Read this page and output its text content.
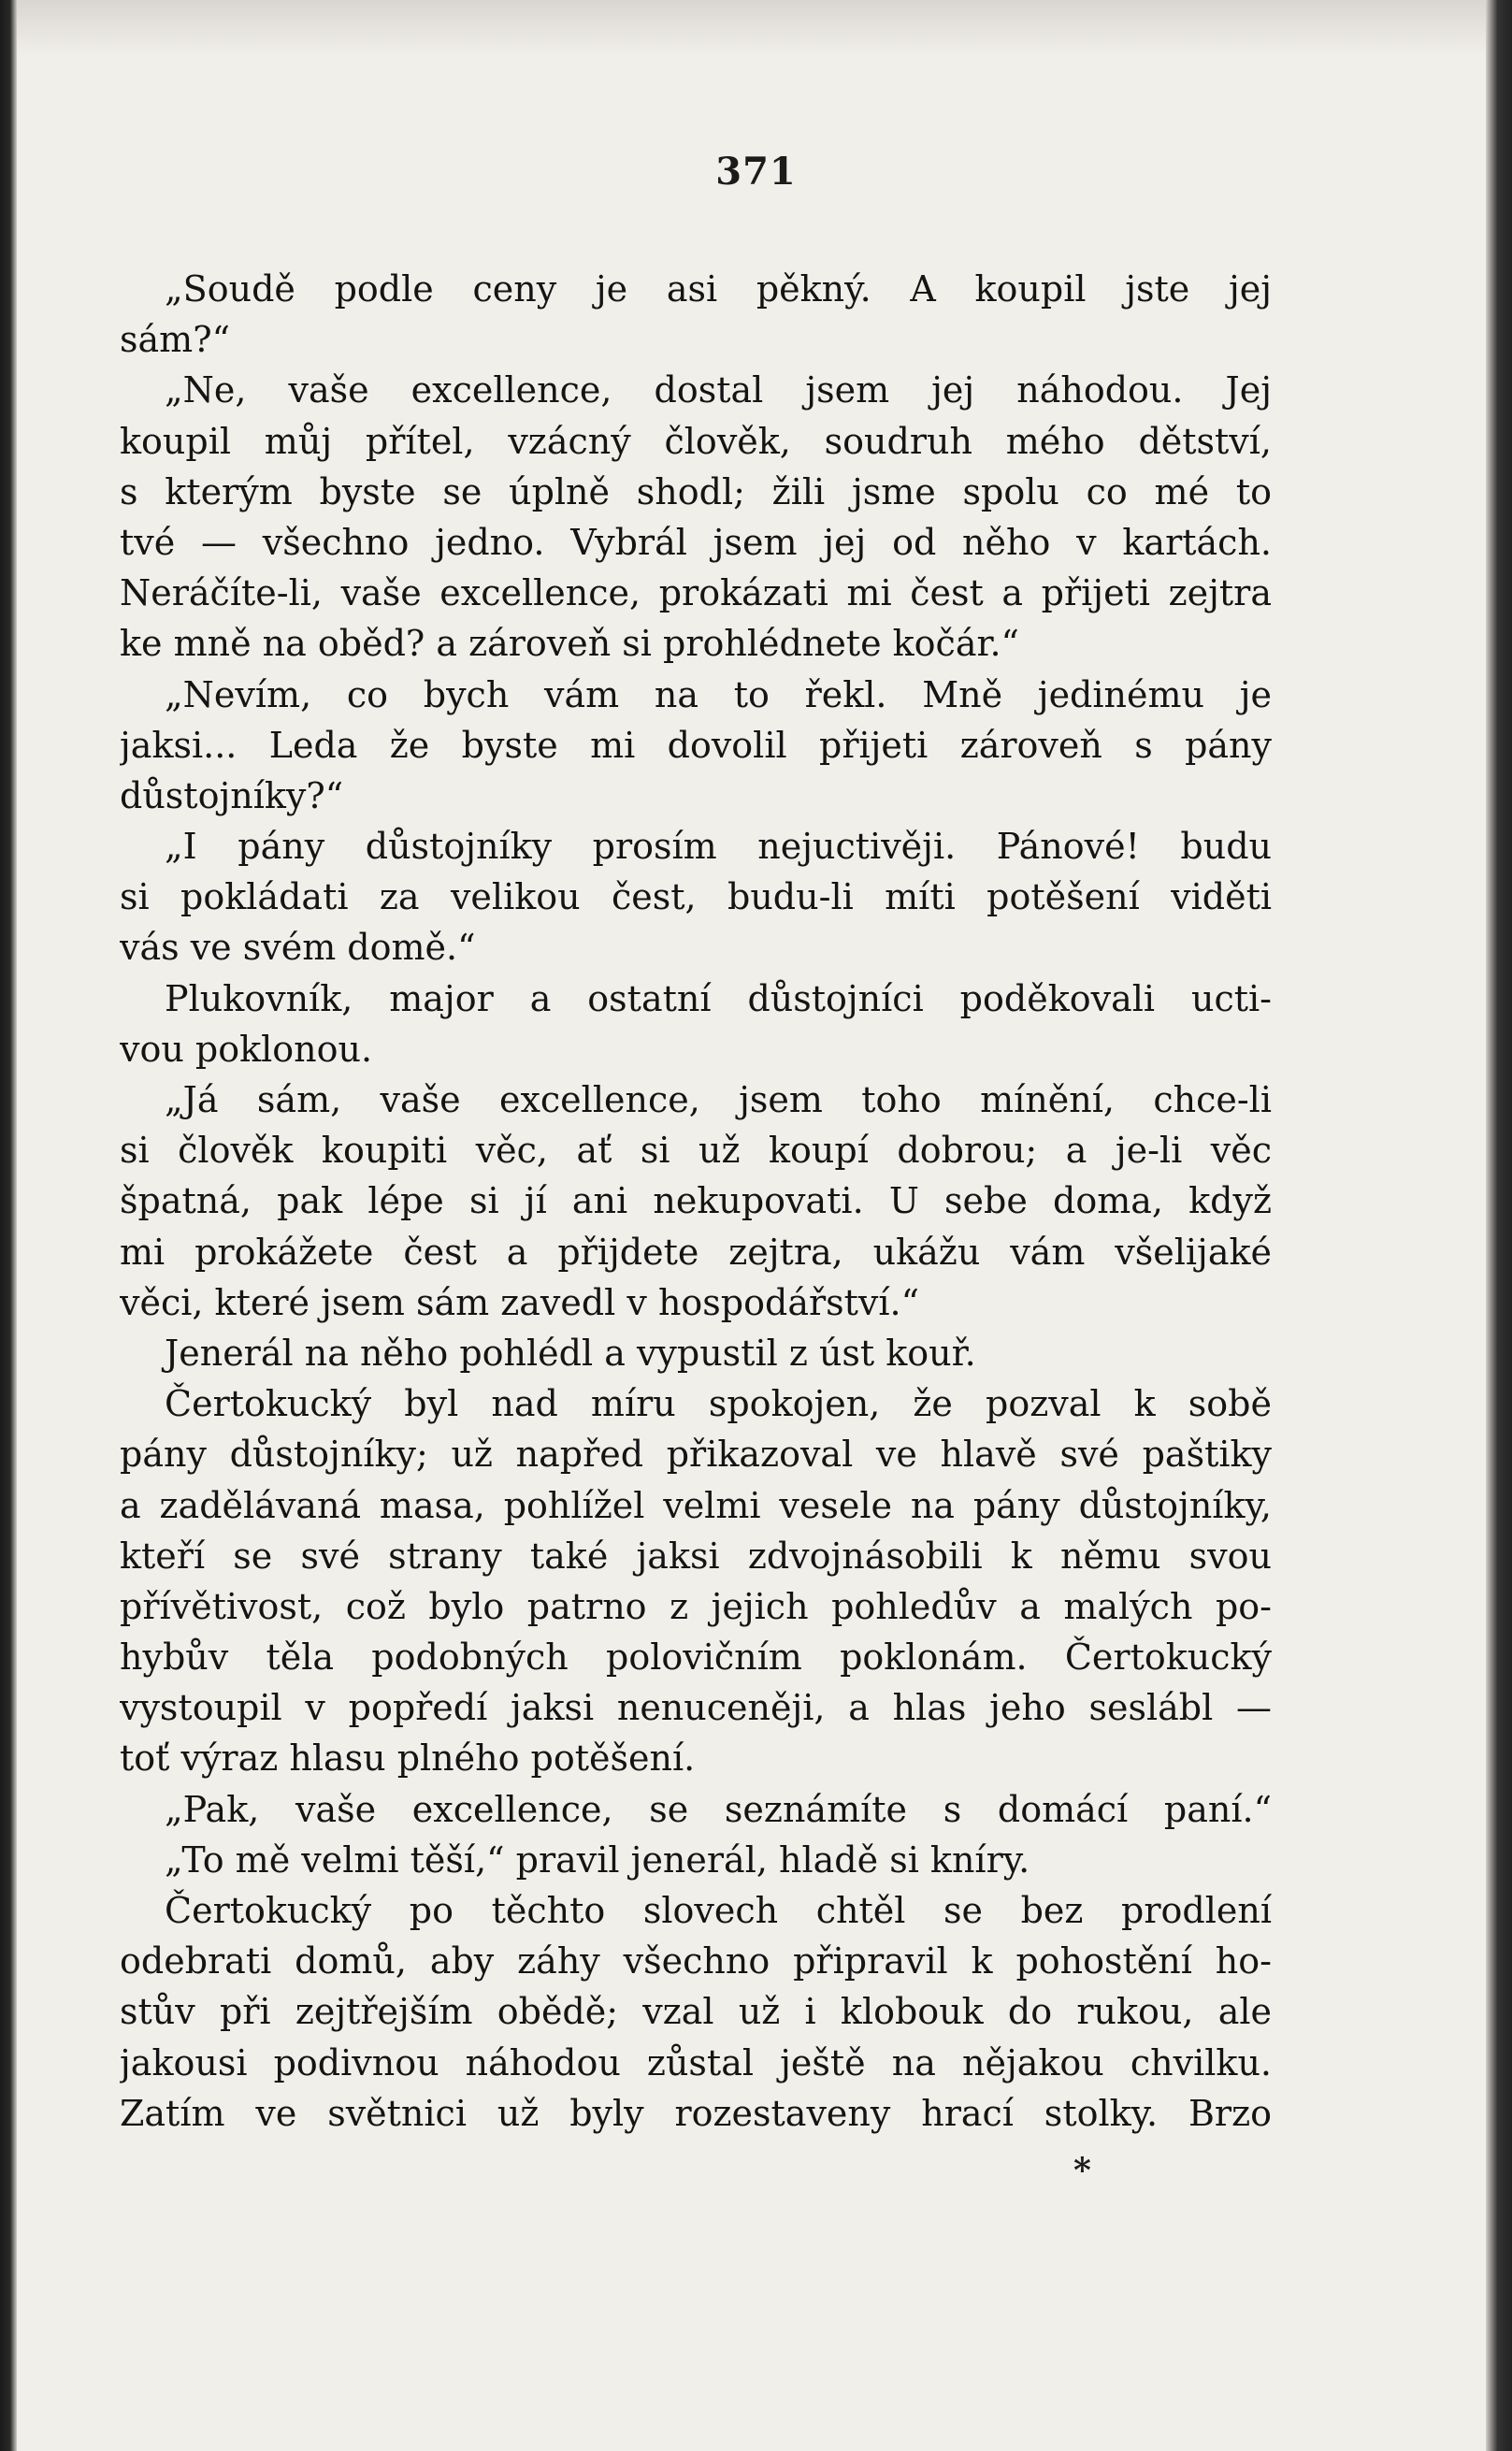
371
„Soudě podle ceny je asi pěkný. A koupil jste jej
sám?“
„Ne, vaše excellence, dostal jsem jej náhodou. Jej
koupil můj přítel, vzácný člověk, soudruh mého dětství,
s kterým byste se úplně shodl; žili jsme spolu co mé to
tvé — všechno jedno. Vybrál jsem jej od něho v kartách.
Neráčíte-li, vaše excellence, prokázati mi čest a přijeti zejtra
ke mně na oběd? a zároveň si prohlédnete kočár.“
„Nevím, co bych vám na to řekl. Mně jedinému je
jaksi... Leda že byste mi dovolil přijeti zároveň s pány
důstojníky?“
„I pány důstojníky prosím nejuctivěji. Pánové! budu
si pokládati za velikou čest, budu-li míti potěšení viděti
vás ve svém domě.“
Plukovník, major a ostatní důstojníci poděkovali ucti-
vou poklonou.
„Já sám, vaše excellence, jsem toho mínění, chce-li
si člověk koupiti věc, ať si už koupí dobrou; a je-li věc
špatná, pak lépe si jí ani nekupovati. U sebe doma, když
mi prokážete čest a přijdete zejtra, ukážu vám všelijaké
věci, které jsem sám zavedl v hospodářství.“
Jenerál na něho pohlédl a vypustil z úst kouř.
Čertokucký byl nad míru spokojen, že pozval k sobě
pány důstojníky; už napřed přikazoval ve hlavě své paštiky
a zadělávaná masa, pohlížel velmi vesele na pány důstojníky,
kteří se své strany také jaksi zdvojnásobili k němu svou
přívětivost, což bylo patrno z jejich pohledův a malých po-
hybův těla podobných polovičním poklonám. Čertokucký
vystoupil v popředí jaksi nenuceněji, a hlas jeho seslábl —
toť výraz hlasu plného potěšení.
„Pak, vaše excellence, se seznámíte s domácí paní.“
„To mě velmi těší,“ pravil jenerál, hladě si kníry.
Čertokucký po těchto slovech chtěl se bez prodlení
odebrati domů, aby záhy všechno připravil k pohostění ho-
stův při zejtřejším obědě; vzal už i klobouk do rukou, ale
jakousi podivnou náhodou zůstal ještě na nějakou chvilku.
Zatím ve světnici už byly rozestaveny hrací stolky. Brzo
*
